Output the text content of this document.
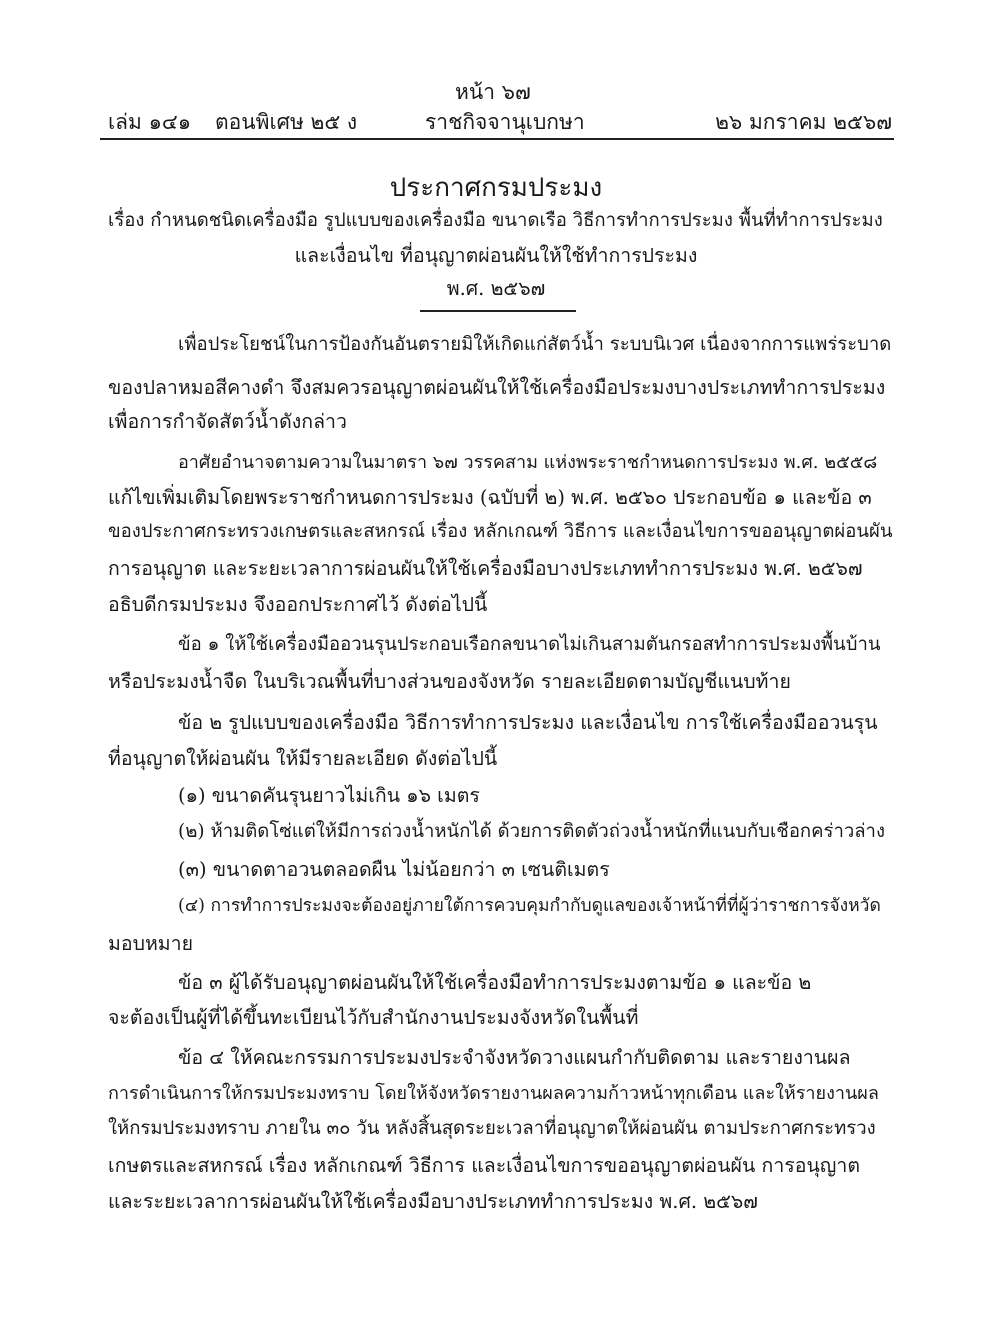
หน้า ๖๗
เล่ม ๑๔๑ ตอนพิเศษ ๒๕ ง	ราชกิจจานุเบกษา	๒๖ มกราคม ๒๕๖๗
ประกาศกรมประมง
เรื่อง กำหนดชนิดเครื่องมือ รูปแบบของเครื่องมือ ขนาดเรือ วิธีการทำการประมง พื้นที่ทำการประมง
และเงื่อนไข ที่อนุญาตผ่อนผันให้ใช้ทำการประมง
พ.ศ. ๒๕๖๗
เพื่อประโยชน์ในการป้องกันอันตรายมิให้เกิดแก่สัตว์น้ำ ระบบนิเวศ เนื่องจากการแพร่ระบาด
ของปลาหมอสีคางดำ จึงสมควรอนุญาตผ่อนผันให้ใช้เครื่องมือประมงบางประเภททำการประมง
เพื่อการกำจัดสัตว์น้ำดังกล่าว
อาศัยอำนาจตามความในมาตรา ๖๗ วรรคสาม แห่งพระราชกำหนดการประมง พ.ศ. ๒๕๕๘
แก้ไขเพิ่มเติมโดยพระราชกำหนดการประมง (ฉบับที่ ๒) พ.ศ. ๒๕๖๐ ประกอบข้อ ๑ และข้อ ๓
ของประกาศกระทรวงเกษตรและสหกรณ์ เรื่อง หลักเกณฑ์ วิธีการ และเงื่อนไขการขออนุญาตผ่อนผัน
การอนุญาต และระยะเวลาการผ่อนผันให้ใช้เครื่องมือบางประเภททำการประมง พ.ศ. ๒๕๖๗
อธิบดีกรมประมง จึงออกประกาศไว้ ดังต่อไปนี้
ข้อ ๑ ให้ใช้เครื่องมืออวนรุนประกอบเรือกลขนาดไม่เกินสามตันกรอสทำการประมงพื้นบ้าน
หรือประมงน้ำจืด ในบริเวณพื้นที่บางส่วนของจังหวัด รายละเอียดตามบัญชีแนบท้าย
ข้อ ๒ รูปแบบของเครื่องมือ วิธีการทำการประมง และเงื่อนไข การใช้เครื่องมืออวนรุน
ที่อนุญาตให้ผ่อนผัน ให้มีรายละเอียด ดังต่อไปนี้
(๑) ขนาดคันรุนยาวไม่เกิน ๑๖ เมตร
(๒) ห้ามติดโซ่แต่ให้มีการถ่วงน้ำหนักได้ ด้วยการติดตัวถ่วงน้ำหนักที่แนบกับเชือกคร่าวล่าง
(๓) ขนาดตาอวนตลอดผืน ไม่น้อยกว่า ๓ เซนติเมตร
(๔) การทำการประมงจะต้องอยู่ภายใต้การควบคุมกำกับดูแลของเจ้าหน้าที่ที่ผู้ว่าราชการจังหวัด
มอบหมาย
ข้อ ๓ ผู้ได้รับอนุญาตผ่อนผันให้ใช้เครื่องมือทำการประมงตามข้อ ๑ และข้อ ๒
จะต้องเป็นผู้ที่ได้ขึ้นทะเบียนไว้กับสำนักงานประมงจังหวัดในพื้นที่
ข้อ ๔ ให้คณะกรรมการประมงประจำจังหวัดวางแผนกำกับติดตาม และรายงานผล
การดำเนินการให้กรมประมงทราบ โดยให้จังหวัดรายงานผลความก้าวหน้าทุกเดือน และให้รายงานผล
ให้กรมประมงทราบ ภายใน ๓๐ วัน หลังสิ้นสุดระยะเวลาที่อนุญาตให้ผ่อนผัน ตามประกาศกระทรวง
เกษตรและสหกรณ์ เรื่อง หลักเกณฑ์ วิธีการ และเงื่อนไขการขออนุญาตผ่อนผัน การอนุญาต
และระยะเวลาการผ่อนผันให้ใช้เครื่องมือบางประเภททำการประมง พ.ศ. ๒๕๖๗
